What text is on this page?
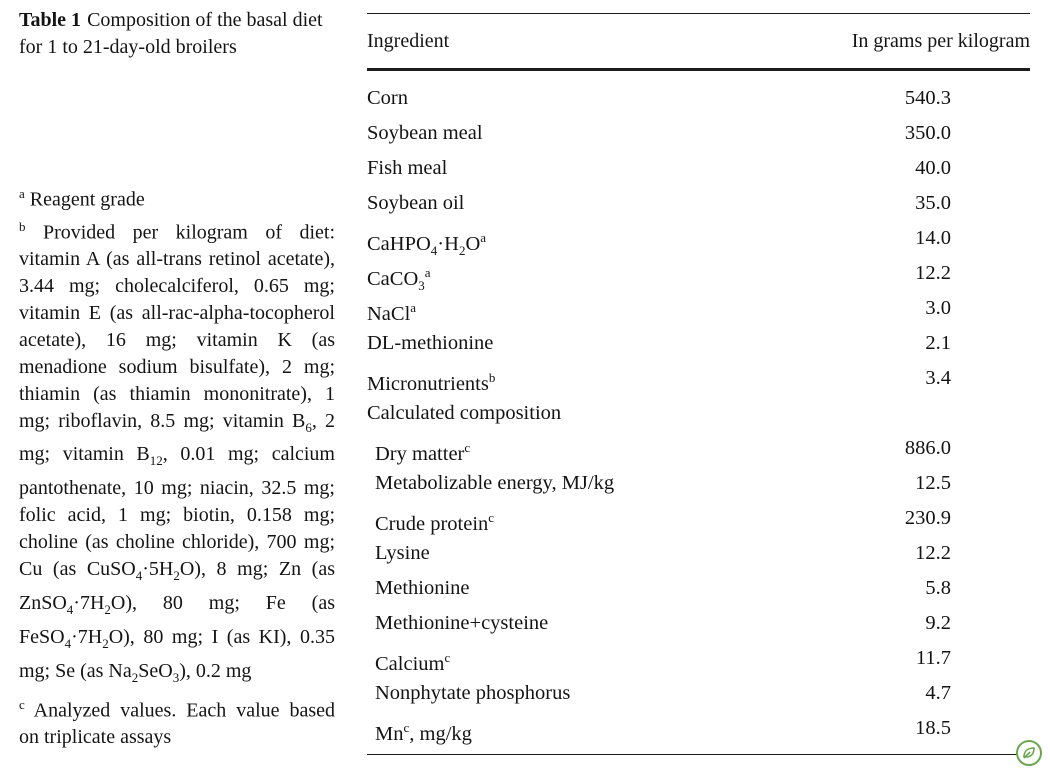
Table 1 Composition of the basal diet for 1 to 21-day-old broilers

$^a$ Reagent grade

$^b$ Provided per kilogram of diet: vitamin A (as all-trans retinol acetate), 3.44 mg; cholecalciferol, 0.65 mg; vitamin E (as all-rac-alpha-tocopherol acetate), 16 mg; vitamin K (as menadione sodium bisulfate), 2 mg; thiamin (as thiamin mononitrate), 1 mg; riboflavin, 8.5 mg; vitamin $B_6$, 2 mg; vitamin $B_{12}$, 0.01 mg; calcium pantothenate, 10 mg; niacin, 32.5 mg; folic acid, 1 mg; biotin, 0.158 mg; choline (as choline chloride), 700 mg; Cu (as $CuSO_4\cdot 5H_2O$), 8 mg; Zn (as $ZnSO_4\cdot 7H_2O$), 80 mg; Fe (as $FeSO_4\cdot 7H_2O$), 80 mg; I (as KI), 0.35 mg; Se (as $Na_2SeO_3$), 0.2 mg

$^c$ Analyzed values. Each value based on triplicate assays

Ingredient	In grams per kilogram
Corn	540.3
Soybean meal	350.0
Fish meal	40.0
Soybean oil	35.0
$CaHPO_4\cdot H_2O^a$	14.0
CaCO$_3^a$	12.2
NaCl$^a$	3.0
DL-methionine	2.1
Micronutrients$^b$	3.4
Calculated composition
Dry matter$^c$	886.0
Metabolizable energy, MJ/kg	12.5
Crude protein$^c$	230.9
Lysine	12.2
Methionine	5.8
Methionine+cysteine	9.2
Calcium$^c$	11.7
Nonphytate phosphorus	4.7
Mn$^c$, mg/kg	18.5
